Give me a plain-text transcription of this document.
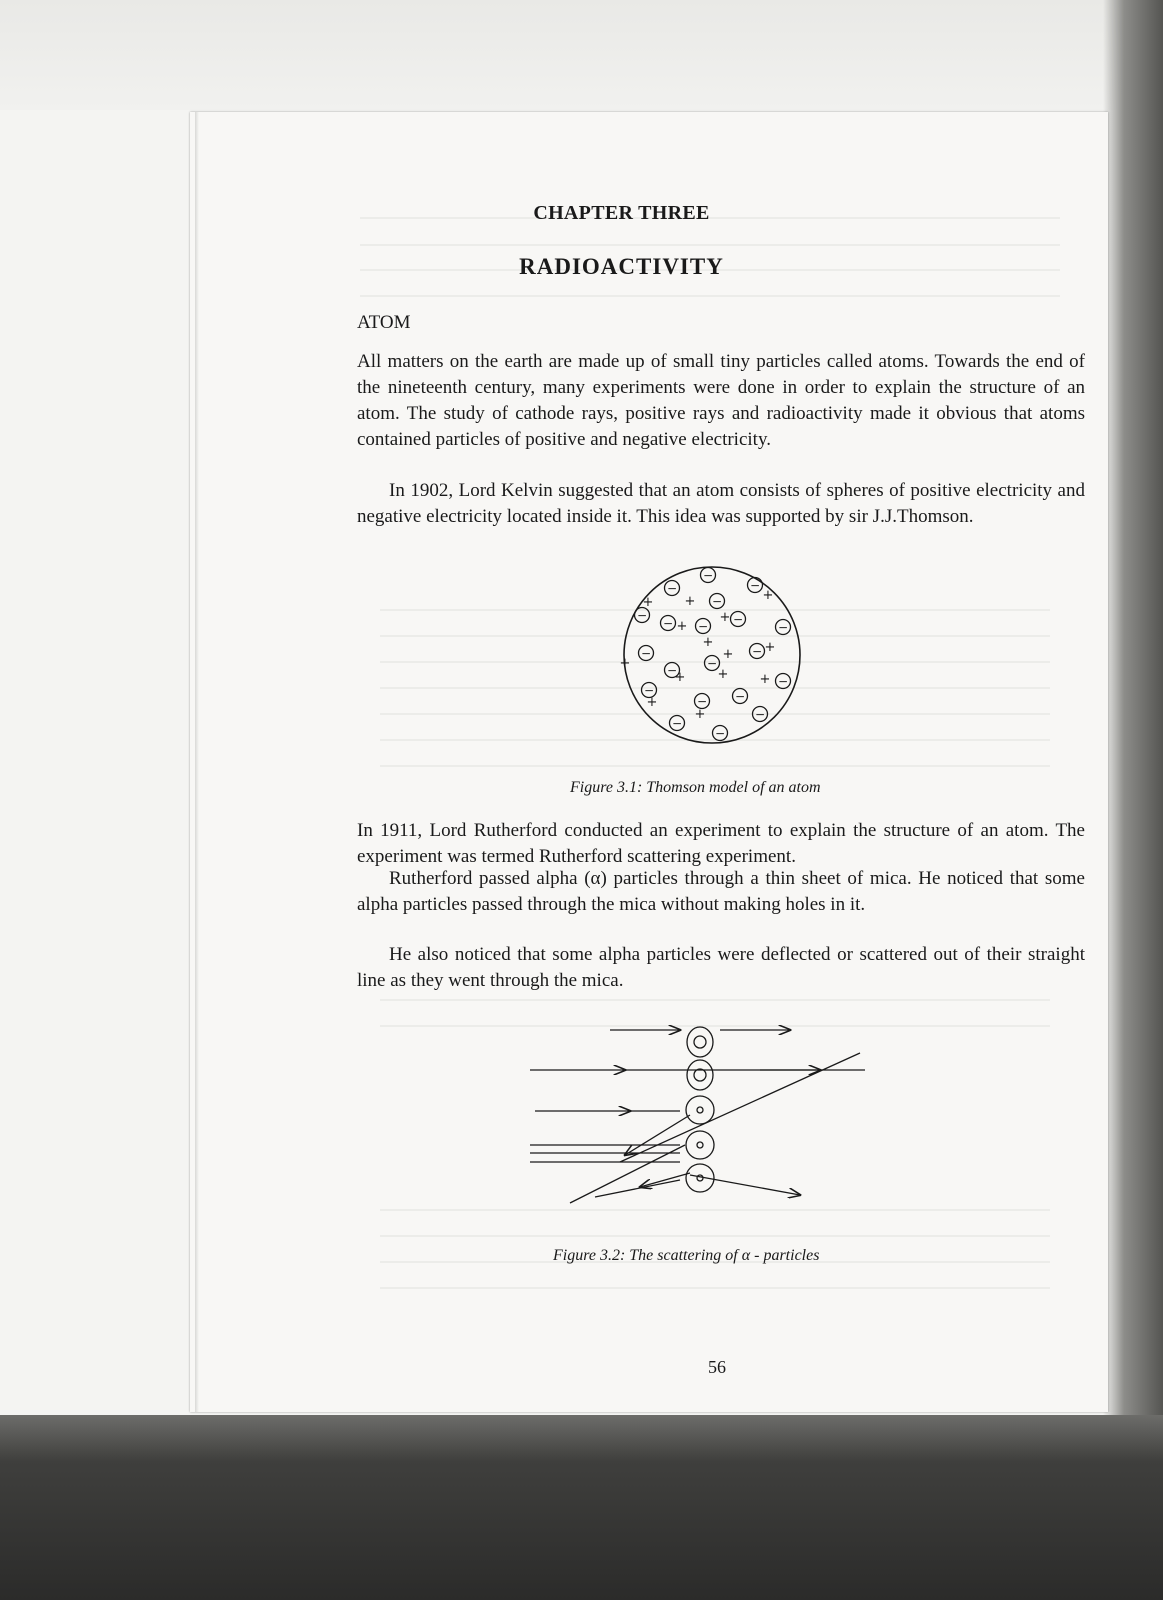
CHAPTER THREE
RADIOACTIVITY
ATOM

All matters on the earth are made up of small tiny particles called atoms. Towards the end of the nineteenth century, many experiments were done in order to explain the structure of an atom. The study of cathode rays, positive rays and radioactivity made it obvious that atoms contained particles of positive and negative electricity.

In 1902, Lord Kelvin suggested that an atom consists of spheres of positive electricity and negative electricity located inside it. This idea was supported by sir J.J.Thomson.

−
−
−
−
−
− − −
−
−	−
− −
−
−	−
−
−
−
−
+
+	+
+
+
+
+ +
+
+ + +
+
+
Figure 3.1: Thomson model of an atom

In 1911, Lord Rutherford conducted an experiment to explain the structure of an atom. The experiment was termed Rutherford scattering experiment.

Rutherford passed alpha (α) particles through a thin sheet of mica. He noticed that some alpha particles passed through the mica without making holes in it.

He also noticed that some alpha particles were deflected or scattered out of their straight line as they went through the mica.

Figure 3.2: The scattering of α - particles
56
